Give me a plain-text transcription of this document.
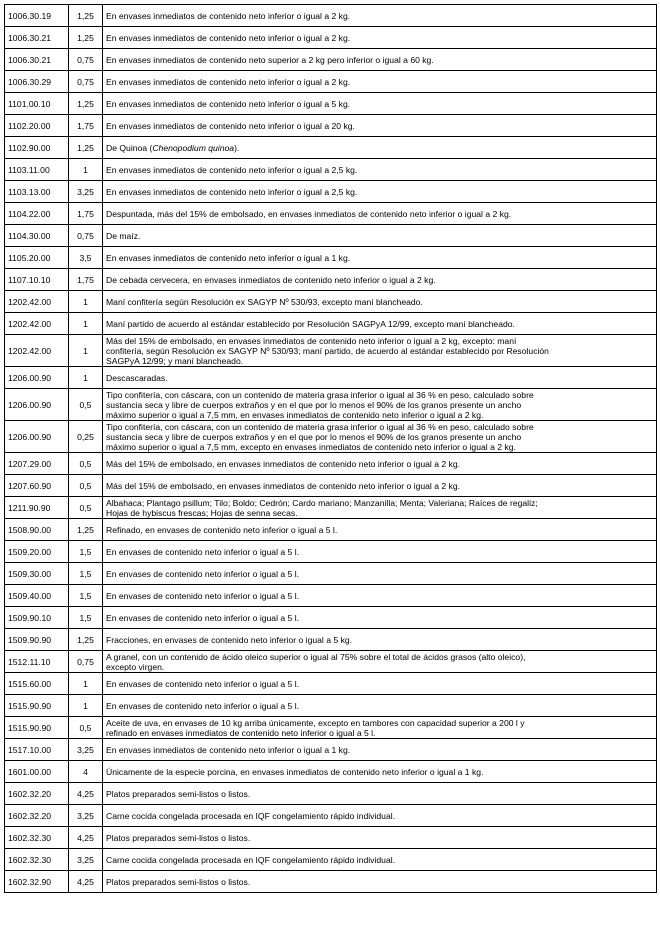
1006.30.19	1,25	En envases inmediatos de contenido neto inferior o igual a 2 kg.

1006.30.21	1,25	En envases inmediatos de contenido neto inferior o igual a 2 kg.

1006.30.21	0,75	En envases inmediatos de contenido neto superior a 2 kg pero inferior o igual a 60 kg.

1006.30.29	0,75	En envases inmediatos de contenido neto inferior o igual a 2 kg.

1101.00.10	1,25	En envases inmediatos de contenido neto inferior o igual a 5 kg.

1102.20.00	1,75	En envases inmediatos de contenido neto inferior o igual a 20 kg.

1102.90.00	1,25	De Quinoa (Chenopodium quinoa).
1103.11.00	1	En envases inmediatos de contenido neto inferior o igual a 2,5 kg.

1103.13.00	3,25	En envases inmediatos de contenido neto inferior o igual a 2,5 kg.

1104.22.00	1,75	Despuntada, más del 15% de embolsado, en envases inmediatos de contenido neto inferior o igual a 2 kg.

1104.30.00	0,75	De maíz.

1105.20.00	3,5	En envases inmediatos de contenido neto inferior o igual a 1 kg.

1107.10.10	1,75	De cebada cervecera, en envases inmediatos de contenido neto inferior o igual a 2 kg.

1202.42.00	1	Maní confitería según Resolución ex SAGYP Nº 530/93, excepto maní blancheado.

1202.42.00	1	Maní partido de acuerdo al estándar establecido por Resolución SAGPyA 12/99, excepto maní blancheado.

1202.42.00	1	Más del 15% de embolsado, en envases inmediatos de contenido neto inferior o igual a 2 kg, excepto: maní
confitería, según Resolución ex SAGYP Nº 530/93; maní partido, de acuerdo al estándar establecido por Resolución
SAGPyA 12/99; y maní blancheado.

1206.00.90	1	Descascaradas.

1206.00.90	0,5	Tipo confitería, con cáscara, con un contenido de materia grasa inferior o igual al 36 % en peso, calculado sobre
sustancia seca y libre de cuerpos extraños y en el que por lo menos el 90% de los granos presente un ancho
máximo superior o igual a 7,5 mm, en envases inmediatos de contenido neto inferior o igual a 2 kg.

1206.00.90	0,25	Tipo confitería, con cáscara, con un contenido de materia grasa inferior o igual al 36 % en peso, calculado sobre
sustancia seca y libre de cuerpos extraños y en el que por lo menos el 90% de los granos presente un ancho
máximo superior o igual a 7,5 mm, excepto en envases inmediatos de contenido neto inferior o igual a 2 kg.

1207.29.00	0,5	Más del 15% de embolsado, en envases inmediatos de contenido neto inferior o igual a 2 kg.

1207.60.90	0,5	Más del 15% de embolsado, en envases inmediatos de contenido neto inferior o igual a 2 kg.

1211.90.90	0,5	Albahaca; Plantago psillum; Tilo; Boldo; Cedrón; Cardo mariano; Manzanilla; Menta; Valeriana; Raíces de regaliz;
Hojas de hybiscus frescas; Hojas de senna secas.

1508.90.00	1,25	Refinado, en envases de contenido neto inferior o igual a 5 l.

1509.20.00	1,5	En envases de contenido neto inferior o igual a 5 l.

1509.30.00	1,5	En envases de contenido neto inferior o igual a 5 l.

1509.40.00	1,5	En envases de contenido neto inferior o igual a 5 l.

1509.90.10	1,5	En envases de contenido neto inferior o igual a 5 l.

1509.90.90	1,25	Fracciones, en envases de contenido neto inferior o igual a 5 kg.

1512.11.10	0,75	A granel, con un contenido de ácido oleico superior o igual al 75% sobre el total de ácidos grasos (alto oleico),
excepto virgen.

1515.60.00	1	En envases de contenido neto inferior o igual a 5 l.

1515.90.90	1	En envases de contenido neto inferior o igual a 5 l.

1515.90.90	0,5	Aceite de uva, en envases de 10 kg arriba únicamente, excepto en tambores con capacidad superior a 200 l y
refinado en envases inmediatos de contenido neto inferior o igual a 5 l.

1517.10.00	3,25	En envases inmediatos de contenido neto inferior o igual a 1 kg.

1601.00.00	4	Únicamente de la especie porcina, en envases inmediatos de contenido neto inferior o igual a 1 kg.

1602.32.20	4,25	Platos preparados semi-listos o listos.

1602.32.20	3,25	Carne cocida congelada procesada en IQF congelamiento rápido individual.

1602.32.30	4,25	Platos preparados semi-listos o listos.

1602.32.30	3,25	Carne cocida congelada procesada en IQF congelamiento rápido individual.

1602.32.90	4,25	Platos preparados semi-listos o listos.
